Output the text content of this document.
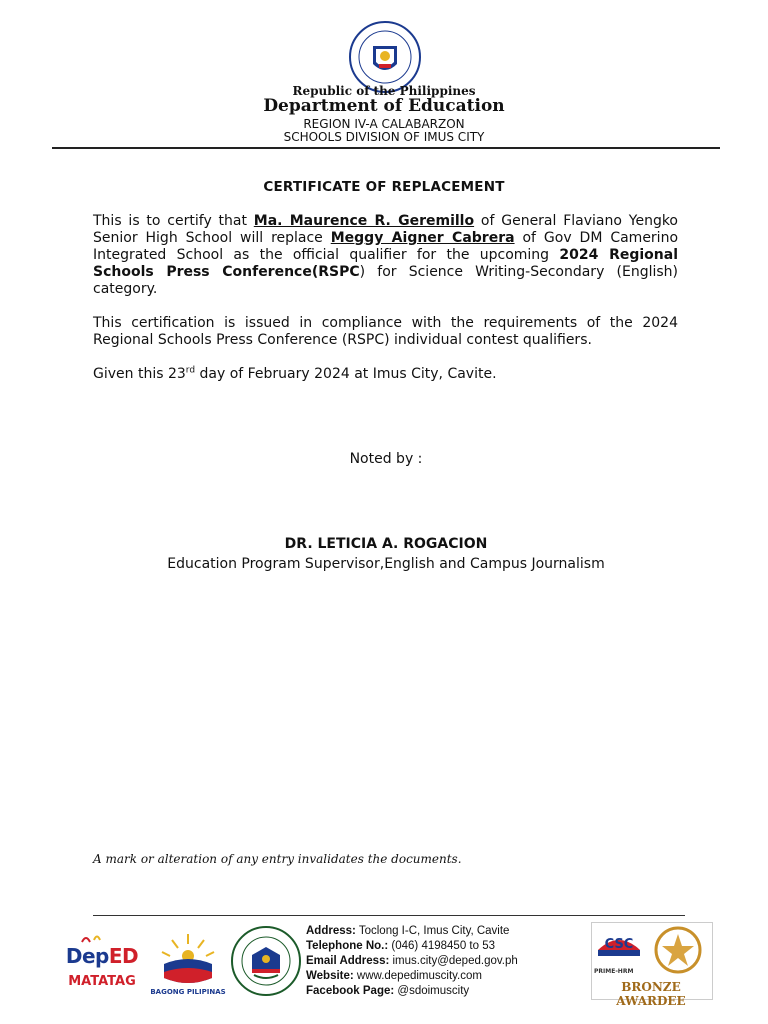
Republic of the Philippines
Department of Education
REGION IV-A CALABARZON
SCHOOLS DIVISION OF IMUS CITY
CERTIFICATE OF REPLACEMENT
This is to certify that Ma. Maurence R. Geremillo of General Flaviano Yengko Senior High School will replace Meggy Aigner Cabrera of Gov DM Camerino Integrated School as the official qualifier for the upcoming 2024 Regional Schools Press Conference(RSPC) for Science Writing-Secondary (English) category.
This certification is issued in compliance with the requirements of the 2024 Regional Schools Press Conference (RSPC) individual contest qualifiers.
Given this 23rd day of February 2024 at Imus City, Cavite.
Noted by :
DR. LETICIA A. ROGACION
Education Program Supervisor,English and Campus Journalism
A mark or alteration of any entry invalidates the documents.
DepED
MATATAG
BAGONG PILIPINAS
Address: Toclong I-C, Imus City, Cavite
Telephone No.: (046) 4198450 to 53
Email Address: imus.city@deped.gov.ph
Website: www.depedimuscity.com
Facebook Page: @sdoimuscity
CSC
PRIME-HRM
BRONZE AWARDEE
